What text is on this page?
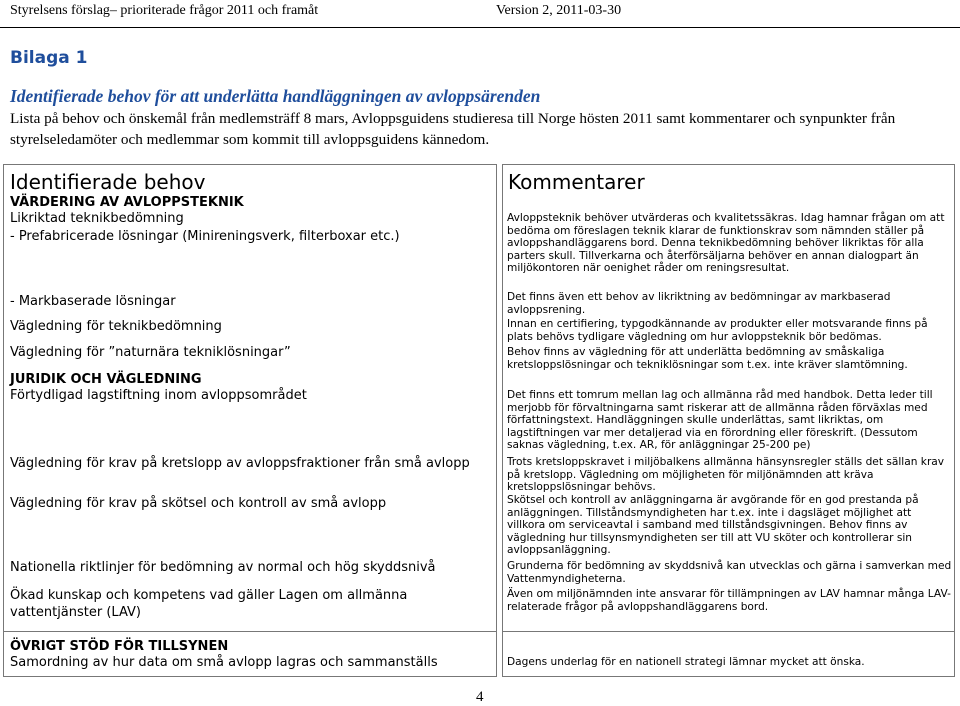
Styrelsens förslag– prioriterade frågor 2011 och framåt	Version 2, 2011-03-30
Bilaga 1
Identifierade behov för att underlätta handläggningen av avloppsärenden
Lista på behov och önskemål från medlemsträff 8 mars, Avloppsguidens studieresa till Norge hösten 2011 samt kommentarer och synpunkter från styrelseledamöter och medlemmar som kommit till avloppsguidens kännedom.
Identifierade behov
VÄRDERING AV AVLOPPSTEKNIK
Likriktad teknikbedömning
- Prefabricerade lösningar (Minireningsverk, filterboxar etc.)
- Markbaserade lösningar
Vägledning för teknikbedömning
Vägledning för ”naturnära tekniklösningar”
JURIDIK OCH VÄGLEDNING
Förtydligad lagstiftning inom avloppsområdet
Vägledning för krav på kretslopp av avloppsfraktioner från små avlopp
Vägledning för krav på skötsel och kontroll av små avlopp
Nationella riktlinjer för bedömning av normal och hög skyddsnivå
Ökad kunskap och kompetens vad gäller Lagen om allmänna
vattentjänster (LAV)
ÖVRIGT STÖD FÖR TILLSYNEN
Samordning av hur data om små avlopp lagras och sammanställs
Kommentarer
Avloppsteknik behöver utvärderas och kvalitetssäkras. Idag hamnar frågan om att bedöma om föreslagen teknik klarar de funktionskrav som nämnden ställer på avloppshandläggarens bord. Denna teknikbedömning behöver likriktas för alla parters skull. Tillverkarna och återförsäljarna behöver en annan dialogpart än miljökontoren när oenighet råder om reningsresultat.
Det finns även ett behov av likriktning av bedömningar av markbaserad avloppsrening.
Innan en certifiering, typgodkännande av produkter eller motsvarande finns på plats behövs tydligare vägledning om hur avloppsteknik bör bedömas.
Behov finns av vägledning för att underlätta bedömning av småskaliga kretsloppslösningar och tekniklösningar som t.ex. inte kräver slamtömning.
Det finns ett tomrum mellan lag och allmänna råd med handbok. Detta leder till merjobb för förvaltningarna samt riskerar att de allmänna råden förväxlas med författningstext. Handläggningen skulle underlättas, samt likriktas, om lagstiftningen var mer detaljerad via en förordning eller föreskrift. (Dessutom saknas vägledning, t.ex. AR, för anläggningar 25-200 pe)
Trots kretsloppskravet i miljöbalkens allmänna hänsynsregler ställs det sällan krav på kretslopp. Vägledning om möjligheten för miljönämnden att kräva kretsloppslösningar behövs.
Skötsel och kontroll av anläggningarna är avgörande för en god prestanda på anläggningen. Tillståndsmyndigheten har t.ex. inte i dagsläget möjlighet att villkora om serviceavtal i samband med tillståndsgivningen. Behov finns av vägledning hur tillsynsmyndigheten ser till att VU sköter och kontrollerar sin avloppsanläggning.
Grunderna för bedömning av skyddsnivå kan utvecklas och gärna i samverkan med Vattenmyndigheterna.
Även om miljönämnden inte ansvarar för tillämpningen av LAV hamnar många LAV-relaterade frågor på avloppshandläggarens bord.
Dagens underlag för en nationell strategi lämnar mycket att önska.
4
